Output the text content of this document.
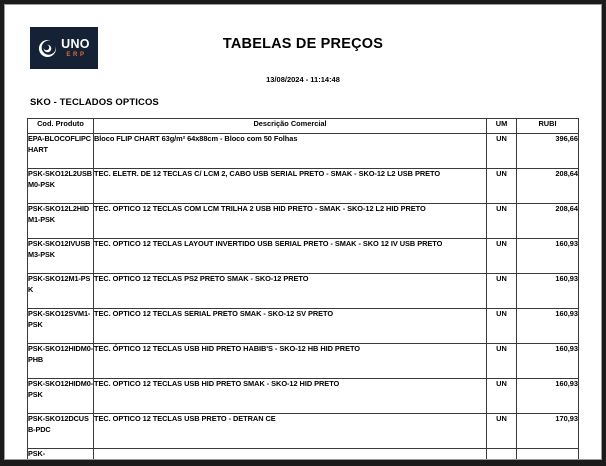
UNO
ERP
TABELAS DE PREÇOS
13/08/2024 - 11:14:48
SKO - TECLADOS OPTICOS
Cod. Produto	Descrição Comercial	UM	RUBI
EPA-BLOCOFLIPCHART	Bloco FLIP CHART 63g/m² 64x88cm - Bloco com 50 Folhas	UN	396,66
PSK-SKO12L2USBM0-PSK	TEC. ELETR. DE 12 TECLAS C/ LCM 2, CABO USB SERIAL PRETO - SMAK - SKO-12 L2 USB PRETO	UN	208,64
PSK-SKO12L2HIDM1-PSK	TEC. OPTICO 12 TECLAS COM LCM TRILHA 2 USB HID PRETO - SMAK - SKO-12 L2 HID PRETO	UN	208,64
PSK-SKO12IVUSBM3-PSK	TEC. OPTICO 12 TECLAS LAYOUT INVERTIDO USB SERIAL PRETO - SMAK - SKO 12 IV USB PRETO	UN	160,93
PSK-SKO12M1-PSK	TEC. OPTICO 12 TECLAS PS2 PRETO SMAK - SKO-12 PRETO	UN	160,93
PSK-SKO12SVM1-PSK	TEC. OPTICO 12 TECLAS SERIAL PRETO SMAK - SKO-12 SV PRETO	UN	160,93
PSK-SKO12HIDM0-PHB	TEC. ÓPTICO 12 TECLAS USB HID PRETO HABIB'S - SKO-12 HB HID PRETO	UN	160,93
PSK-SKO12HIDM0-PSK	TEC. OPTICO 12 TECLAS USB HID PRETO SMAK - SKO-12 HID PRETO	UN	160,93
PSK-SKO12DCUSB-PDC	TEC. OPTICO 12 TECLAS USB PRETO - DETRAN CE	UN	170,93
PSK-			
